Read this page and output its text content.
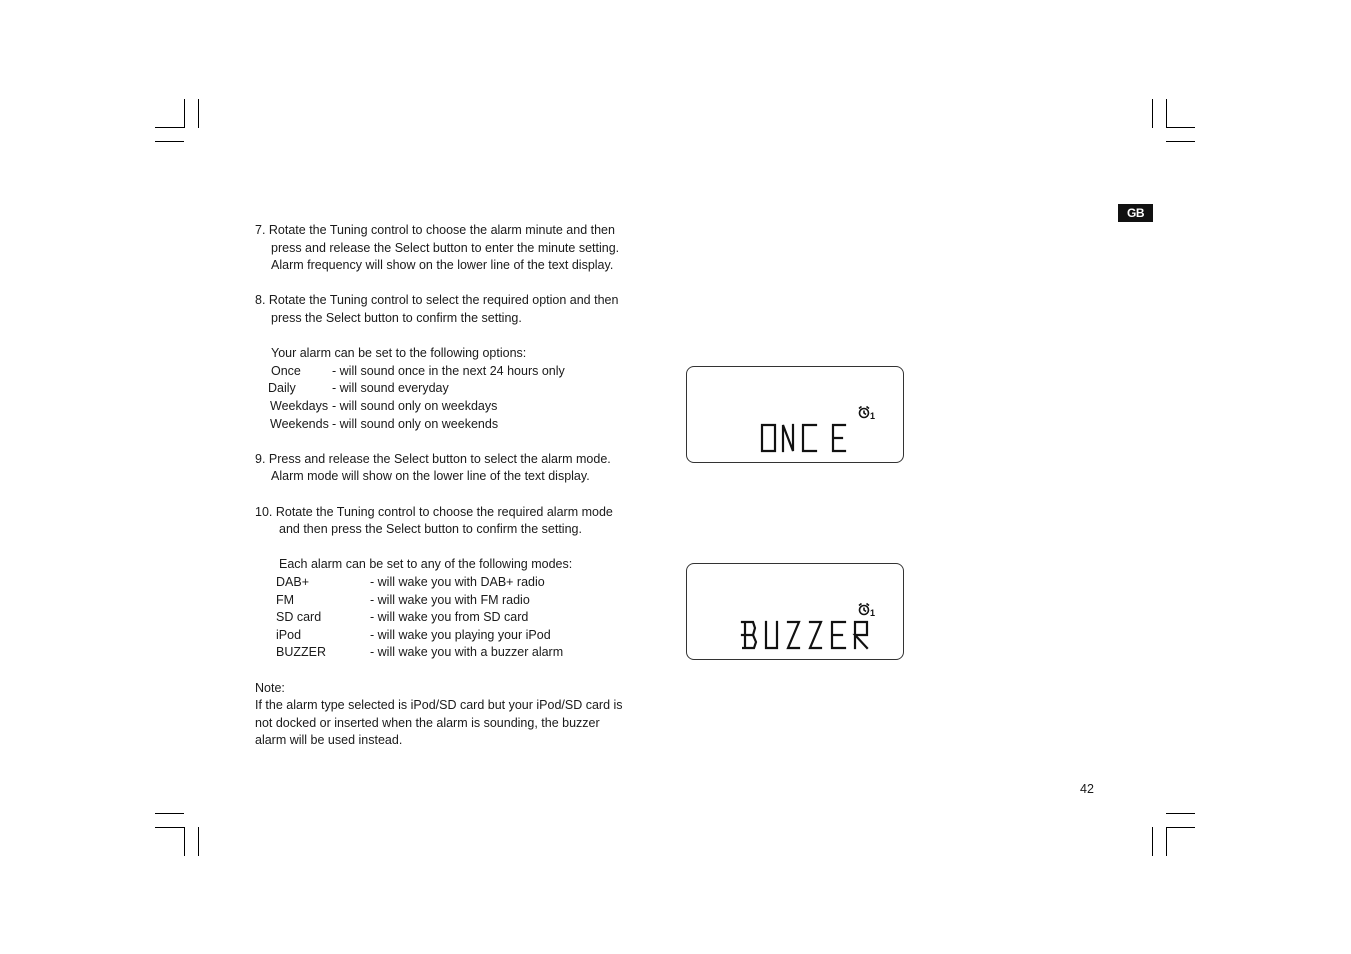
GB
7. Rotate the Tuning control to choose the alarm minute and then
press and release the Select button to enter the minute setting.
Alarm frequency will show on the lower line of the text display.
8. Rotate the Tuning control to select the required option and then
press the Select button to confirm the setting.
Your alarm can be set to the following options:
Once - will sound once in the next 24 hours only
Daily	- will sound everyday
Weekdays - will sound only on weekdays
Weekends - will sound only on weekends
9. Press and release the Select button to select the alarm mode.
Alarm mode will show on the lower line of the text display.
10. Rotate the Tuning control to choose the required alarm mode
and then press the Select button to confirm the setting.
Each alarm can be set to any of the following modes:
DAB+	- will wake you with DAB+ radio
FM	- will wake you with FM radio
SD card	- will wake you from SD card
iPod	- will wake you playing your iPod
BUZZER	- will wake you with a buzzer alarm
Note:
If the alarm type selected is iPod/SD card but your iPod/SD card is
not docked or inserted when the alarm is sounding, the buzzer
alarm will be used instead.
1
ONCE
1
BUZZER
42
